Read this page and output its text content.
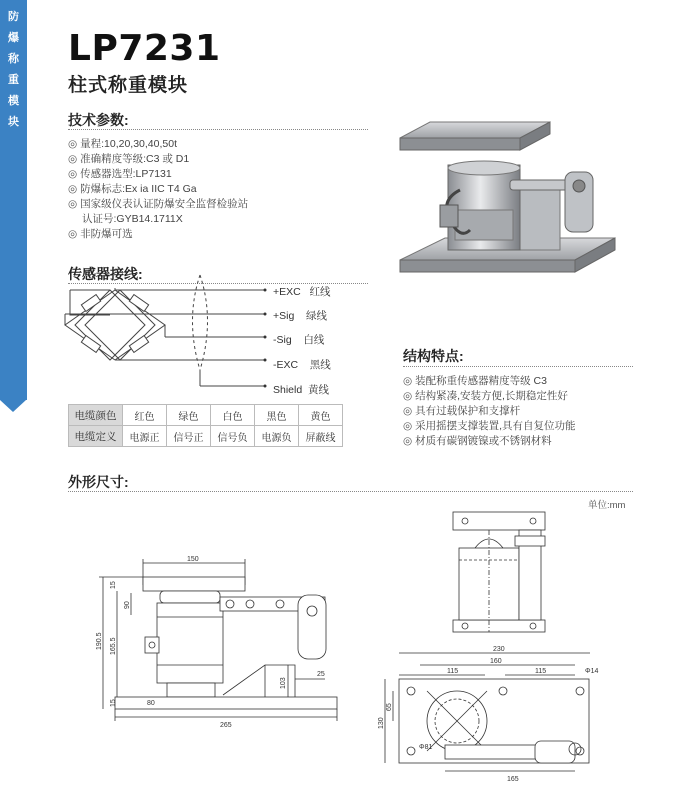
防
爆
称
重
模
块
LP7231
柱式称重模块
技术参数:
◎ 量程:10,20,30,40,50t
◎ 准确精度等级:C3 或 D1
◎ 传感器选型:LP7131
◎ 防爆标志:Ex ia IIC T4 Ga
◎ 国家级仪表认证防爆安全监督检验站
认证号:GYB14.1711X
◎ 非防爆可选
传感器接线:
+EXC 红线
+Sig 绿线
-Sig 白线
-EXC 黑线
Shield 黄线
结构特点:
◎ 装配称重传感器精度等级 C3
◎ 结构紧凑,安装方便,长期稳定性好
◎ 具有过载保护和支撑杆
◎ 采用摇摆支撑装置,具有自复位功能
◎ 材质有碳钢镀镍或不锈钢材料
电缆颜色	红色	绿色	白色	黑色	黄色
电缆定义	电源正	信号正	信号负	电源负	屏蔽线
外形尺寸:
单位:mm
150
265
190.5 165.5
15
15
90
103
25
80
230
160
115	115
130
65
165
Φ14
Φ81
